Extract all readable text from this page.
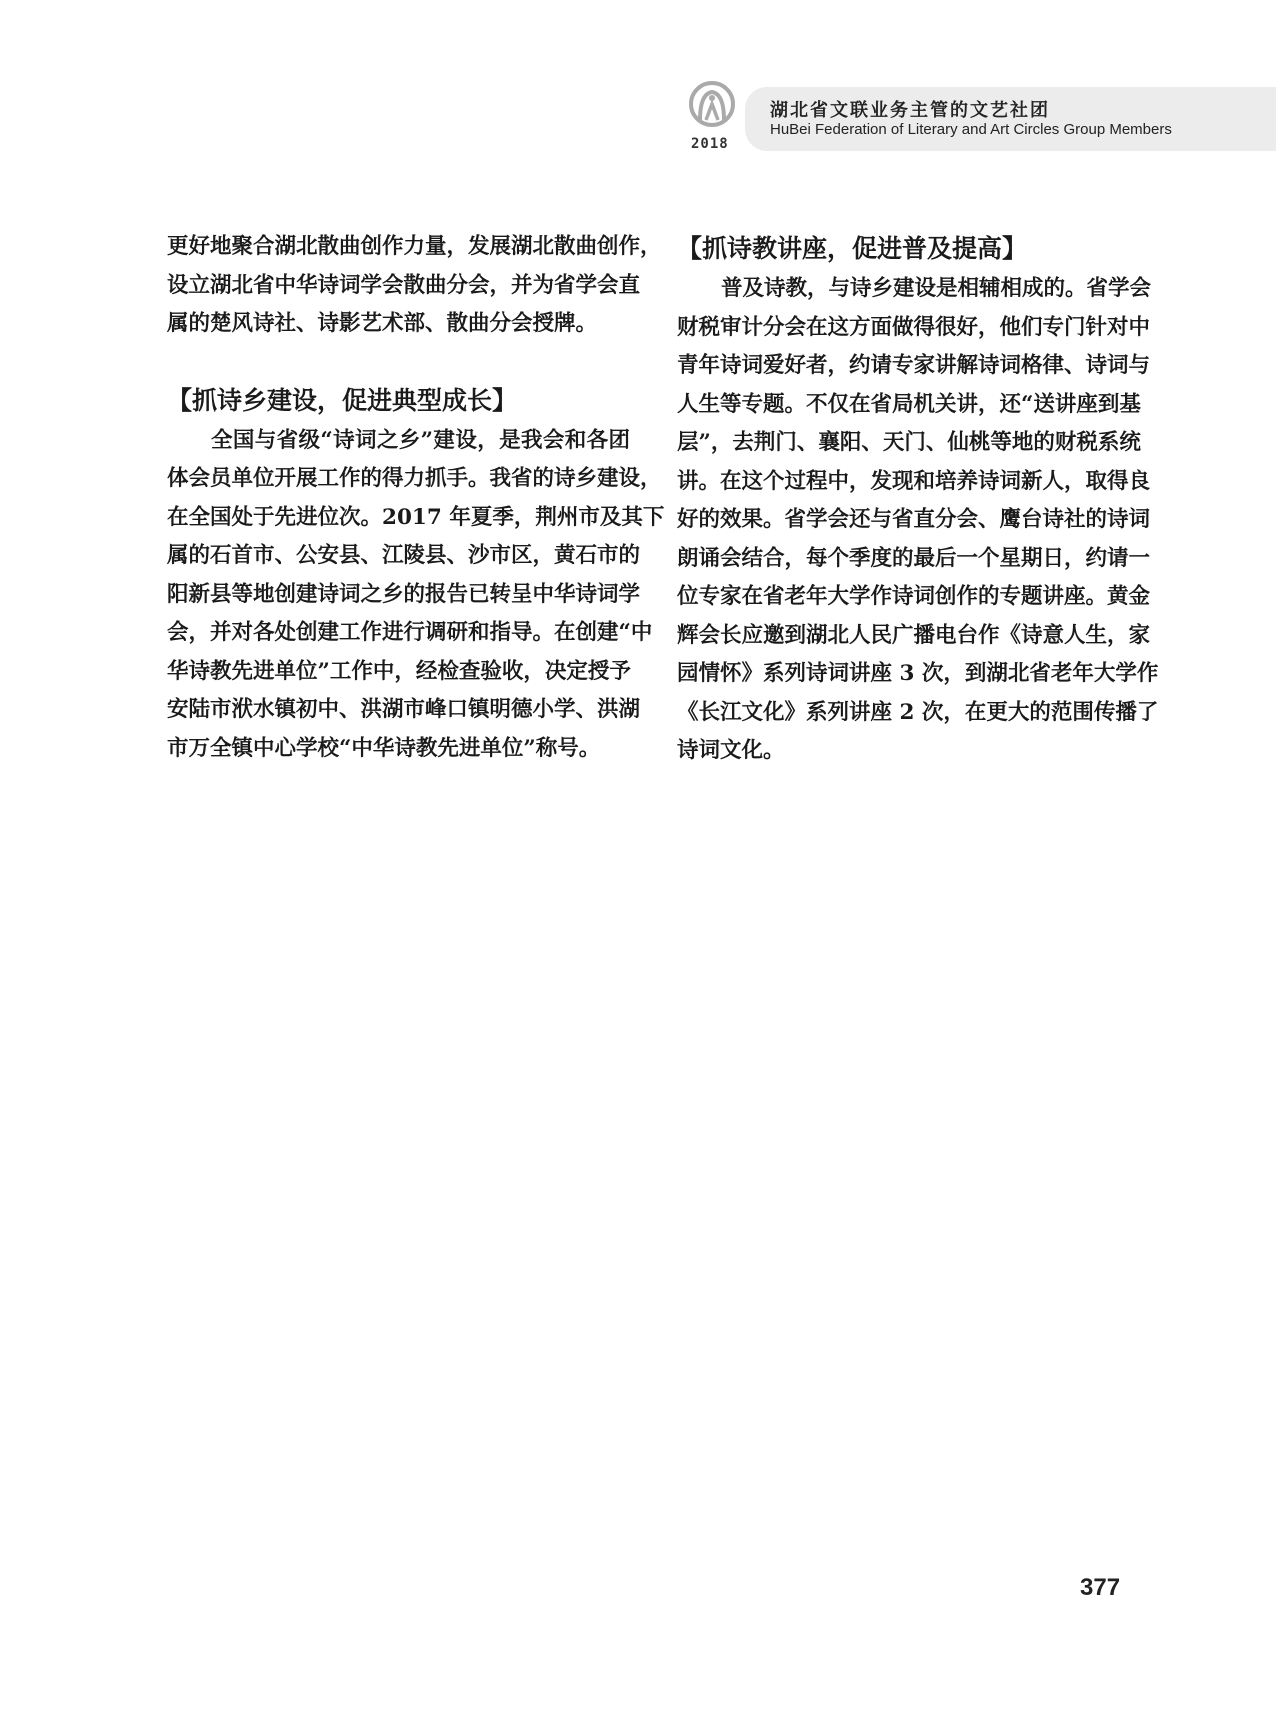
2018
湖北省文联业务主管的文艺社团
HuBei Federation of Literary and Art Circles Group Members

更好地聚合湖北散曲创作力量，发展湖北散曲创作，

设立湖北省中华诗词学会散曲分会，并为省学会直

属的楚风诗社、诗影艺术部、散曲分会授牌。

【抓诗乡建设，促进典型成长】

全国与省级“诗词之乡”建设，是我会和各团

体会员单位开展工作的得力抓手。我省的诗乡建设，

在全国处于先进位次。2017 年夏季，荆州市及其下

属的石首市、公安县、江陵县、沙市区，黄石市的

阳新县等地创建诗词之乡的报告已转呈中华诗词学

会，并对各处创建工作进行调研和指导。在创建“中

华诗教先进单位”工作中，经检查验收，决定授予

安陆市洑水镇初中、洪湖市峰口镇明德小学、洪湖

市万全镇中心学校“中华诗教先进单位”称号。

【抓诗教讲座，促进普及提高】

普及诗教，与诗乡建设是相辅相成的。省学会

财税审计分会在这方面做得很好，他们专门针对中

青年诗词爱好者，约请专家讲解诗词格律、诗词与

人生等专题。不仅在省局机关讲，还“送讲座到基

层”，去荆门、襄阳、天门、仙桃等地的财税系统

讲。在这个过程中，发现和培养诗词新人，取得良

好的效果。省学会还与省直分会、鹰台诗社的诗词

朗诵会结合，每个季度的最后一个星期日，约请一

位专家在省老年大学作诗词创作的专题讲座。黄金

辉会长应邀到湖北人民广播电台作《诗意人生，家

园情怀》系列诗词讲座 3 次，到湖北省老年大学作

《长江文化》系列讲座 2 次，在更大的范围传播了

诗词文化。

377
